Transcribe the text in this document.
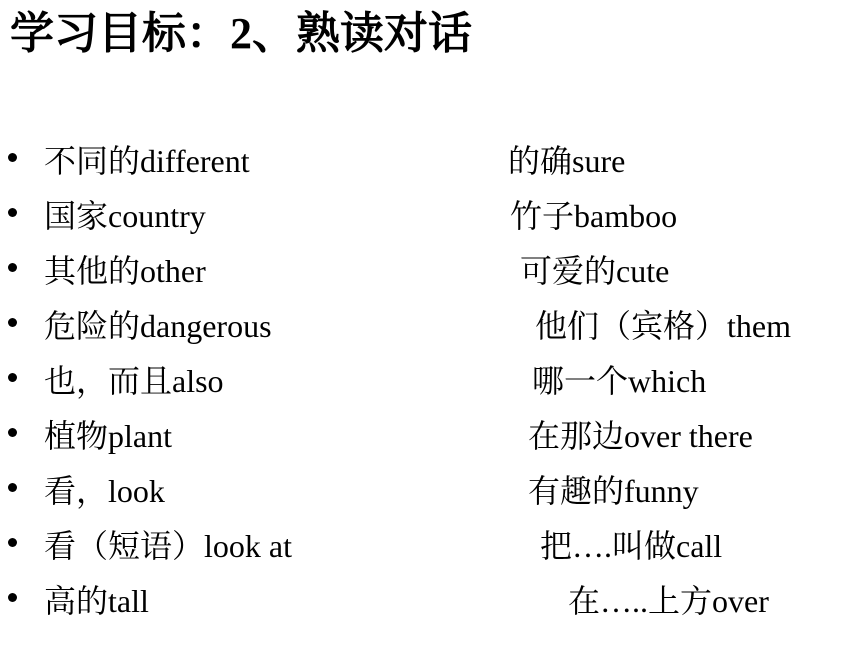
学习目标：2、熟读对话
不同的different	的确sure
国家country	竹子bamboo
其他的other	可爱的cute
危险的dangerous	他们（宾格）them
也，而且also	哪一个which
植物plant	在那边over there
看，look	有趣的funny
看（短语）look at	把….叫做call
高的tall	在…..上方over
